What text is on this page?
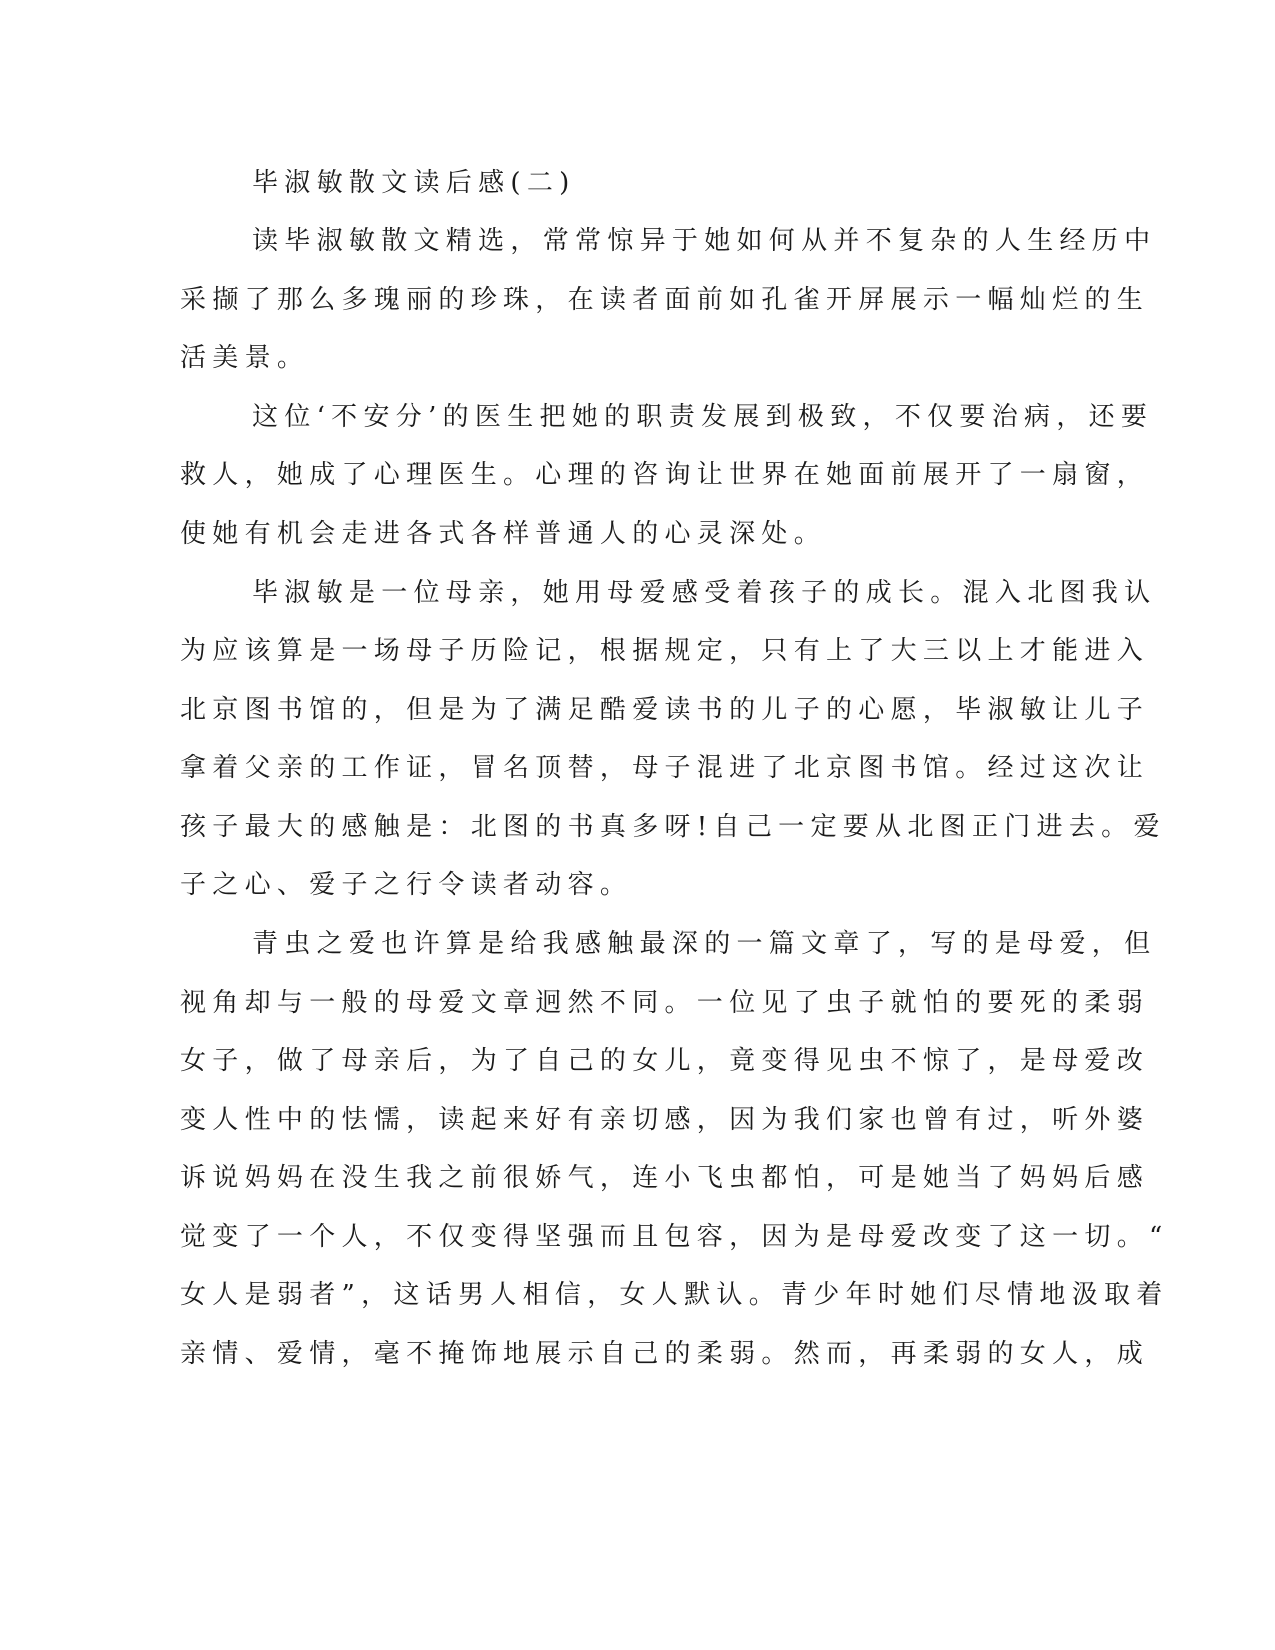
毕淑敏散文读后感(二)
读毕淑敏散文精选，常常惊异于她如何从并不复杂的人生经历中
采撷了那么多瑰丽的珍珠，在读者面前如孔雀开屏展示一幅灿烂的生
活美景。
这位‘不安分’的医生把她的职责发展到极致，不仅要治病，还要
救人，她成了心理医生。心理的咨询让世界在她面前展开了一扇窗，
使她有机会走进各式各样普通人的心灵深处。
毕淑敏是一位母亲，她用母爱感受着孩子的成长。混入北图我认
为应该算是一场母子历险记，根据规定，只有上了大三以上才能进入
北京图书馆的，但是为了满足酷爱读书的儿子的心愿，毕淑敏让儿子
拿着父亲的工作证，冒名顶替，母子混进了北京图书馆。经过这次让
孩子最大的感触是：北图的书真多呀!自己一定要从北图正门进去。爱
子之心、爱子之行令读者动容。
青虫之爱也许算是给我感触最深的一篇文章了，写的是母爱，但
视角却与一般的母爱文章迥然不同。一位见了虫子就怕的要死的柔弱
女子，做了母亲后，为了自己的女儿，竟变得见虫不惊了，是母爱改
变人性中的怯懦，读起来好有亲切感，因为我们家也曾有过，听外婆
诉说妈妈在没生我之前很娇气，连小飞虫都怕，可是她当了妈妈后感
觉变了一个人，不仅变得坚强而且包容，因为是母爱改变了这一切。“
女人是弱者”，这话男人相信，女人默认。青少年时她们尽情地汲取着
亲情、爱情，毫不掩饰地展示自己的柔弱。然而，再柔弱的女人，成
